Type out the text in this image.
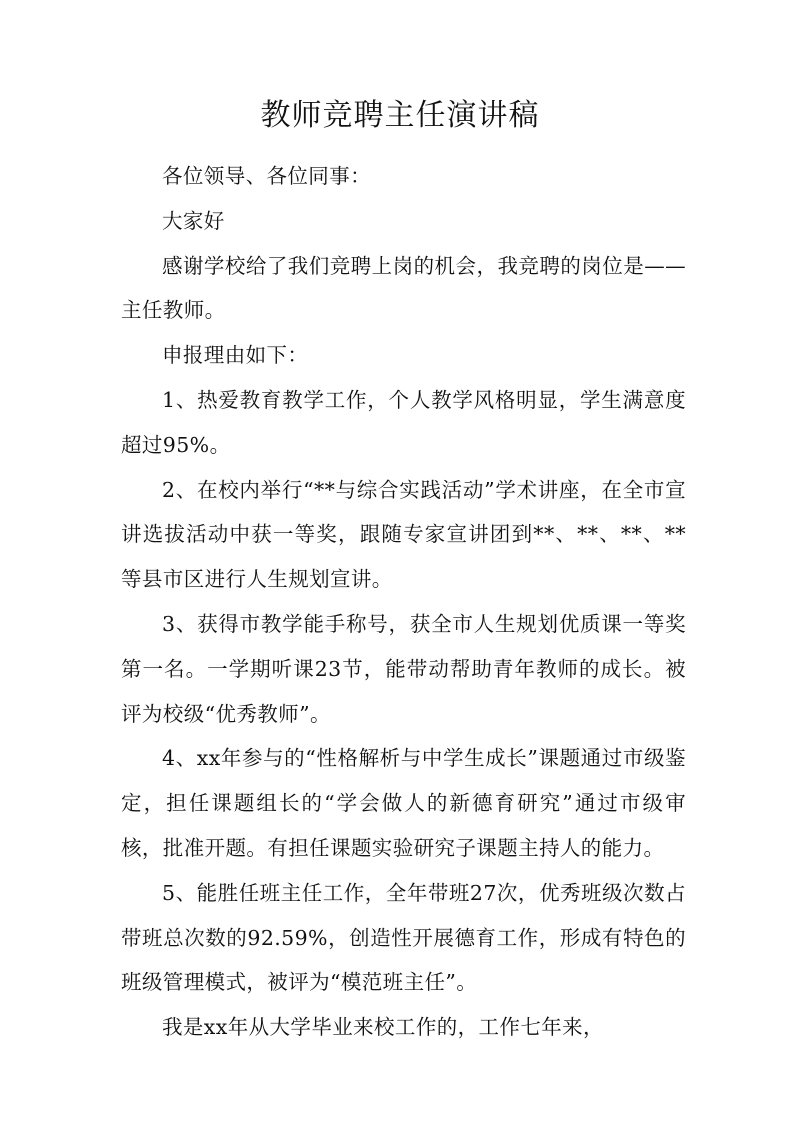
教师竞聘主任演讲稿

各位领导、各位同事：

大家好

感谢学校给了我们竞聘上岗的机会，我竞聘的岗位是——主任教师。

申报理由如下：

1、热爱教育教学工作，个人教学风格明显，学生满意度超过95%。

2、在校内举行“**与综合实践活动”学术讲座，在全市宣讲选拔活动中获一等奖，跟随专家宣讲团到**、**、**、**等县市区进行人生规划宣讲。

3、获得市教学能手称号，获全市人生规划优质课一等奖第一名。一学期听课23节，能带动帮助青年教师的成长。被评为校级“优秀教师”。

4、xx年参与的“性格解析与中学生成长”课题通过市级鉴定，担任课题组长的“学会做人的新德育研究”通过市级审核，批准开题。有担任课题实验研究子课题主持人的能力。

5、能胜任班主任工作，全年带班27次，优秀班级次数占带班总次数的92.59%，创造性开展德育工作，形成有特色的班级管理模式，被评为“模范班主任”。

我是xx年从大学毕业来校工作的，工作七年来，
